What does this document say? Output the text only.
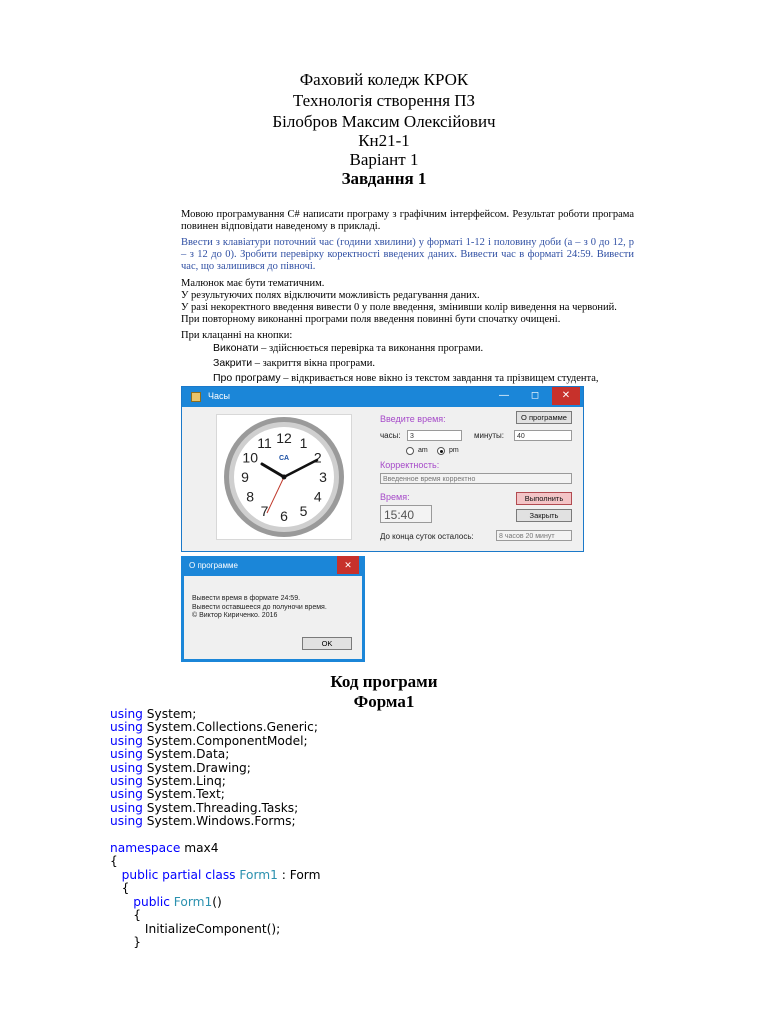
Фаховий коледж КРОК
Технологія створення ПЗ
Білобров Максим Олексійович
Кн21-1
Варіант 1
Завдання 1

Мовою програмування C# написати програму з графічним інтерфейсом. Результат роботи програма повинен відповідати наведеному в прикладі.

Ввести з клавіатури поточний час (години хвилини) у форматі 1-12 і половину доби (a – з 0 до 12, p – з 12 до 0). Зробити перевірку коректності введених даних. Вивести час в форматі 24:59. Вивести час, що залишився до півночі.

Малюнок має бути тематичним.

У результуючих полях відключити можливість редагування даних.

У разі некоректного введення вивести 0 у поле введення, змінивши колір виведення на червоний.

При повторному виконанні програми поля введення повинні бути спочатку очищені.

При клацанні на кнопки:

Виконати – здійснюється перевірка та виконання програми.

Закрити – закриття вікна програми.

Про програму – відкривається нове вікно із текстом завдання та прізвищем студента,

Часы	—	◻	✕
12 1
2
3
4
5
6
7
8
9
10
11
CA
Введите время:	О программе
часы:	3	минуты:	40
am	pm
Корректность:
Введенное время корректно
Время:	Выполнить
15:40	Закрыть
До конца суток осталось:	8 часов 20 минут
О программе	✕
Вывести время в формате 24:59.
Вывести оставшееся до полуночи время.
© Виктор Кириченко. 2016
OK
Код програми
Форма1
using System;
using System.Collections.Generic;
using System.ComponentModel;
using System.Data;
using System.Drawing;
using System.Linq;
using System.Text;
using System.Threading.Tasks;
using System.Windows.Forms;

namespace max4
{
public partial class Form1 : Form
{
public Form1()
{
InitializeComponent();
}
